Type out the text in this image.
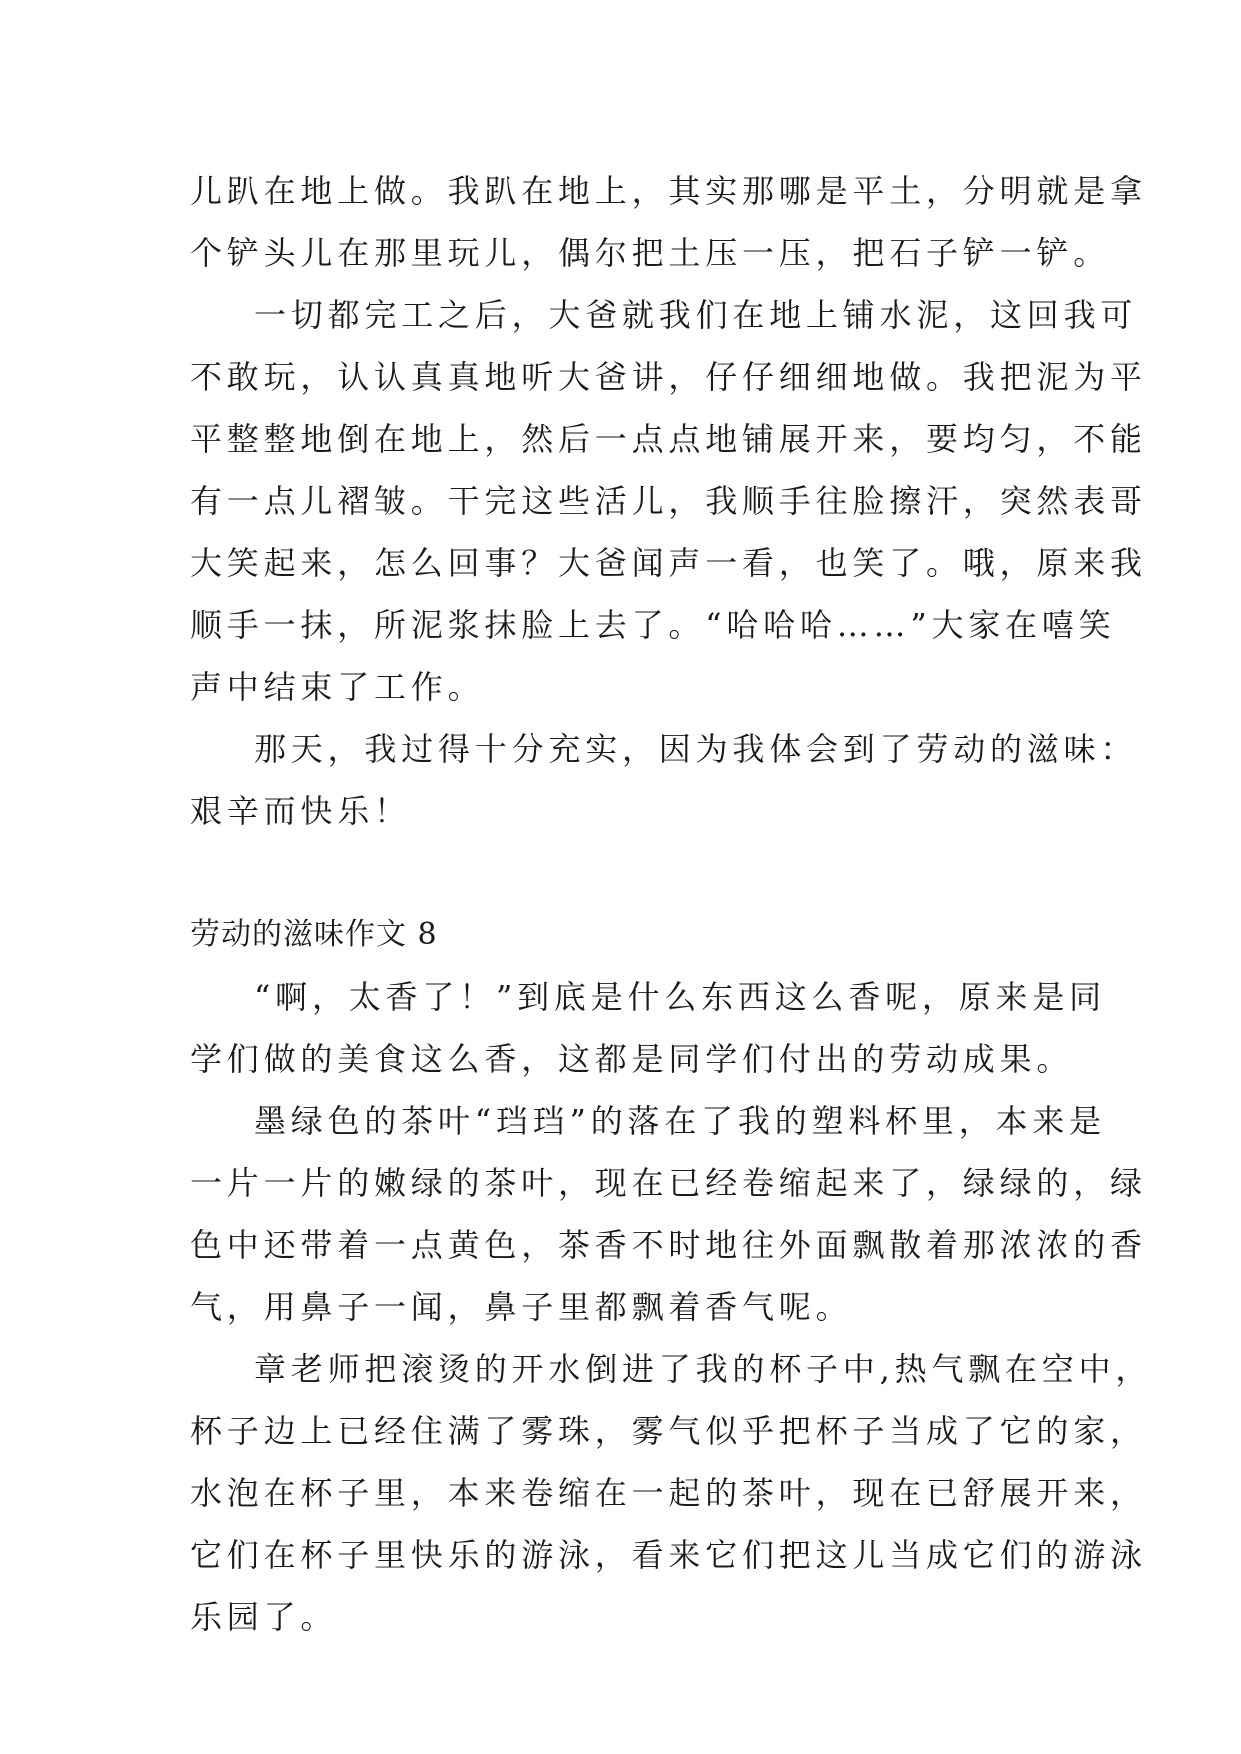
儿趴在地上做。我趴在地上，其实那哪是平土，分明就是拿
个铲头儿在那里玩儿，偶尔把土压一压，把石子铲一铲。
一切都完工之后，大爸就我们在地上铺水泥，这回我可
不敢玩，认认真真地听大爸讲，仔仔细细地做。我把泥为平
平整整地倒在地上，然后一点点地铺展开来，要均匀，不能
有一点儿褶皱。干完这些活儿，我顺手往脸擦汗，突然表哥
大笑起来，怎么回事？大爸闻声一看，也笑了。哦，原来我
顺手一抹，所泥浆抹脸上去了。“哈哈哈……”大家在嘻笑
声中结束了工作。
那天，我过得十分充实，因为我体会到了劳动的滋味：
艰辛而快乐！
劳动的滋味作文 8
“啊，太香了！”到底是什么东西这么香呢，原来是同
学们做的美食这么香，这都是同学们付出的劳动成果。
墨绿色的茶叶“珰珰”的落在了我的塑料杯里，本来是
一片一片的嫩绿的茶叶，现在已经卷缩起来了，绿绿的，绿
色中还带着一点黄色，茶香不时地往外面飘散着那浓浓的香
气，用鼻子一闻，鼻子里都飘着香气呢。
章老师把滚烫的开水倒进了我的杯子中,热气飘在空中，
杯子边上已经住满了雾珠，雾气似乎把杯子当成了它的家，
水泡在杯子里，本来卷缩在一起的茶叶，现在已舒展开来，
它们在杯子里快乐的游泳，看来它们把这儿当成它们的游泳
乐园了。
